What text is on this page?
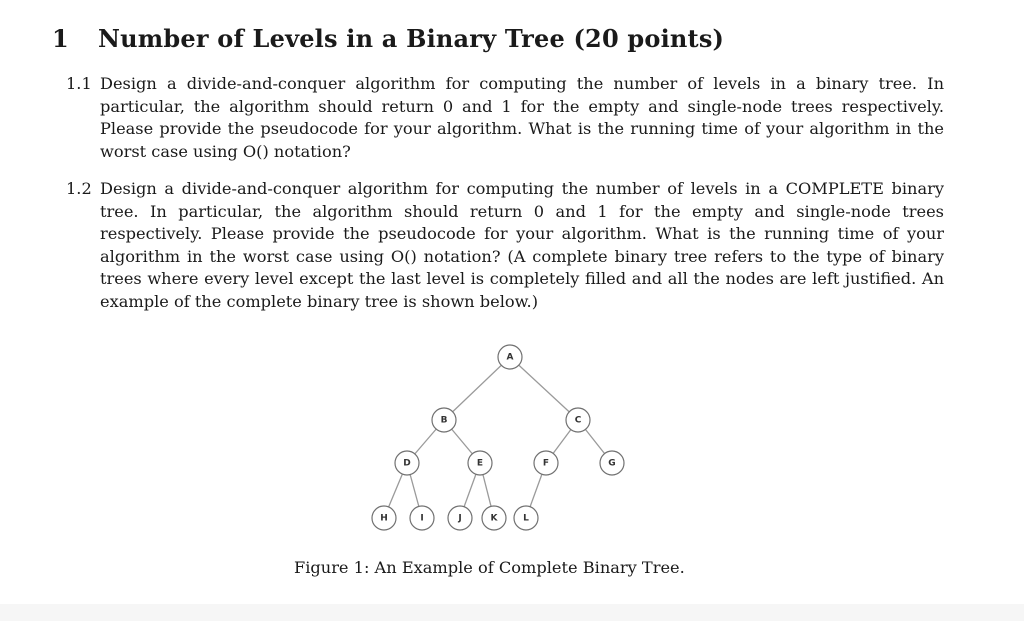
1 Number of Levels in a Binary Tree (20 points)
1.1 Design a divide-and-conquer algorithm for computing the number of levels in a binary tree. In particular, the algorithm should return 0 and 1 for the empty and single-node trees respectively. Please provide the pseudocode for your algorithm. What is the running time of your algorithm in the worst case using O() notation?
1.2 Design a divide-and-conquer algorithm for computing the number of levels in a COMPLETE binary tree. In particular, the algorithm should return 0 and 1 for the empty and single-node trees respectively. Please provide the pseudocode for your algorithm. What is the running time of your algorithm in the worst case using O() notation? (A complete binary tree refers to the type of binary trees where every level except the last level is completely filled and all the nodes are left justified. An example of the complete binary tree is shown below.)
A
B	C
D	E	F	G
H	I	J	K	L
Figure 1: An Example of Complete Binary Tree.
